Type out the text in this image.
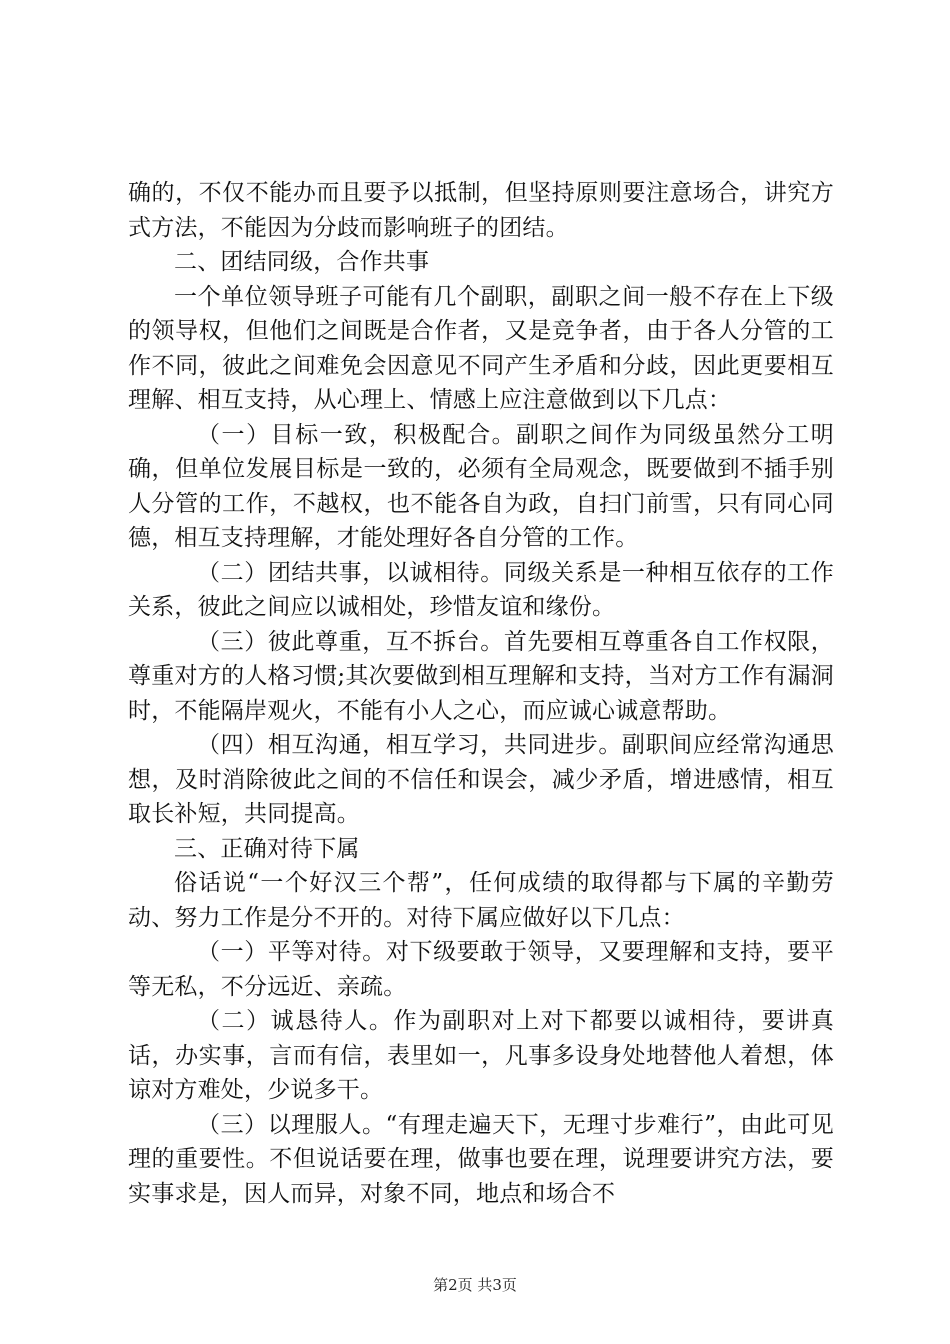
确的，不仅不能办而且要予以抵制，但坚持原则要注意场合，讲究方式方法，不能因为分歧而影响班子的团结。

二、团结同级，合作共事

一个单位领导班子可能有几个副职，副职之间一般不存在上下级的领导权，但他们之间既是合作者，又是竞争者，由于各人分管的工作不同，彼此之间难免会因意见不同产生矛盾和分歧，因此更要相互理解、相互支持，从心理上、情感上应注意做到以下几点：

（一）目标一致，积极配合。副职之间作为同级虽然分工明确，但单位发展目标是一致的，必须有全局观念，既要做到不插手别人分管的工作，不越权，也不能各自为政，自扫门前雪，只有同心同德，相互支持理解，才能处理好各自分管的工作。

（二）团结共事，以诚相待。同级关系是一种相互依存的工作关系，彼此之间应以诚相处，珍惜友谊和缘份。

（三）彼此尊重，互不拆台。首先要相互尊重各自工作权限，尊重对方的人格习惯;其次要做到相互理解和支持，当对方工作有漏洞时，不能隔岸观火，不能有小人之心，而应诚心诚意帮助。

（四）相互沟通，相互学习，共同进步。副职间应经常沟通思想，及时消除彼此之间的不信任和误会，减少矛盾，增进感情，相互取长补短，共同提高。

三、正确对待下属

俗话说“一个好汉三个帮”，任何成绩的取得都与下属的辛勤劳动、努力工作是分不开的。对待下属应做好以下几点：

（一）平等对待。对下级要敢于领导，又要理解和支持，要平等无私，不分远近、亲疏。

（二）诚恳待人。作为副职对上对下都要以诚相待，要讲真话，办实事，言而有信，表里如一，凡事多设身处地替他人着想，体谅对方难处，少说多干。

（三）以理服人。“有理走遍天下，无理寸步难行”，由此可见理的重要性。不但说话要在理，做事也要在理，说理要讲究方法，要实事求是，因人而异，对象不同，地点和场合不

第2页 共3页
